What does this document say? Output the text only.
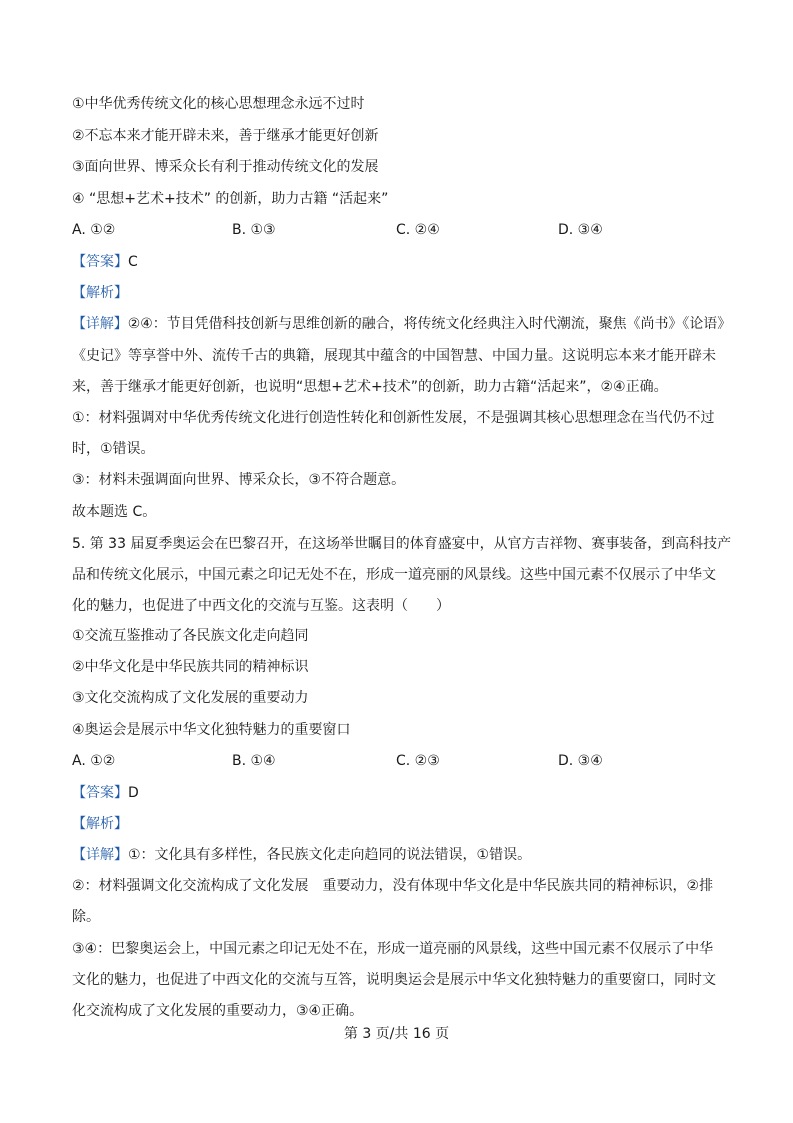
①中华优秀传统文化的核心思想理念永远不过时
②不忘本来才能开辟未来，善于继承才能更好创新
③面向世界、博采众长有利于推动传统文化的发展
④ “思想+艺术+技术” 的创新，助力古籍 “活起来”
A. ①②	B. ①③	C. ②④	D. ③④
【答案】C
【解析】
【详解】②④：节目凭借科技创新与思维创新的融合，将传统文化经典注入时代潮流，聚焦《尚书》《论语》
《史记》等享誉中外、流传千古的典籍，展现其中蕴含的中国智慧、中国力量。这说明忘本来才能开辟未
来，善于继承才能更好创新，也说明“思想+艺术+技术”的创新，助力古籍“活起来”，②④正确。
①：材料强调对中华优秀传统文化进行创造性转化和创新性发展，不是强调其核心思想理念在当代仍不过
时，①错误。
③：材料未强调面向世界、博采众长，③不符合题意。
故本题选 C。
5. 第 33 届夏季奥运会在巴黎召开，在这场举世瞩目的体育盛宴中，从官方吉祥物、赛事装备，到高科技产
品和传统文化展示，中国元素之印记无处不在，形成一道亮丽的风景线。这些中国元素不仅展示了中华文
化的魅力，也促进了中西文化的交流与互鉴。这表明（　　）
①交流互鉴推动了各民族文化走向趋同
②中华文化是中华民族共同的精神标识
③文化交流构成了文化发展的重要动力
④奥运会是展示中华文化独特魅力的重要窗口
A. ①②	B. ①④	C. ②③	D. ③④
【答案】D
【解析】
【详解】①：文化具有多样性，各民族文化走向趋同的说法错误，①错误。
②：材料强调文化交流构成了文化发展　重要动力，没有体现中华文化是中华民族共同的精神标识，②排
除。
③④：巴黎奥运会上，中国元素之印记无处不在，形成一道亮丽的风景线，这些中国元素不仅展示了中华
文化的魅力，也促进了中西文化的交流与互答，说明奥运会是展示中华文化独特魅力的重要窗口，同时文
化交流构成了文化发展的重要动力，③④正确。
第 3 页/共 16 页
